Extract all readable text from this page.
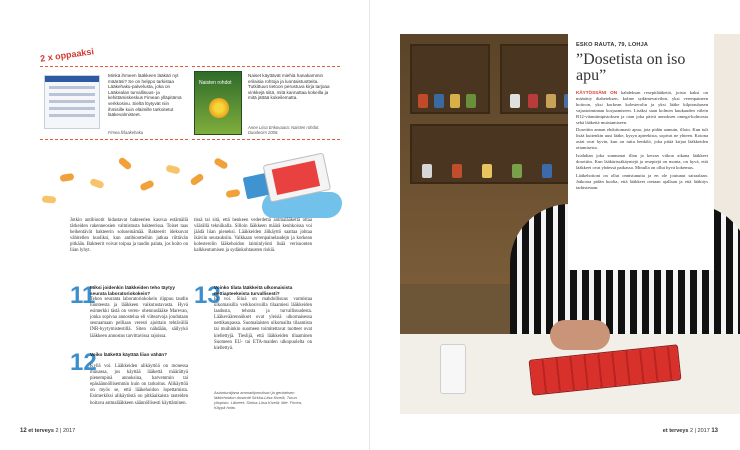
2 x oppaaksi
Minkä ihmeen lääkkeen lääkäri nyt määräsi? Se on helppo tarkistaa Lääkehaku-palvelusta, joka on Lääkealan turvallisuus- ja kehittämiskeskus Fimean ylläpitämä verkkosivu. Sieltä löytyvät niin ihmisille kuin eläimille tarkoitetut lääkevalmisteet.
Fimea.fi/laakehaku
Naisten rohdot
Naiset käyttävät miehiä hanakammin erilaisia rohtoja ja luontaistuotteita. Tutkittuun tietoon perustuva kirja tarjoaa vinkkejä siitä, mitä kannattaa kokeilla ja mitä jättää kokeilematta.
Anne Liisa Enkovaara: Naisten rohdot. Duodecim 2008.

Jotkin antibiootit hidastavat bakteerien kasvua estämällä tärkeiden rakenneosien valmistusta bakteerissa. Toiset taas heikentävät bakteerin soluseinämää. Bakteerit ideksuvat vähitellen kuoliksi, kun antibiootteihin jatkua riittävän pitkään. Bakteerit voivat toipua ja taudin palata, jos hoito on liian lyhyt.

tissä tai sitä, että henkeen vederdettä antmalääkettä ottaa väärällä tekniikalla. Silloin lääkkeen määrä keuhkoissa voi jäädä liian pieneksi. Lääkkeiden älikäyttö saattaa johtaa ikäviin seurauksiin. Valkkaan verenpainelaudejn ja korkean kolesterolin lääkehoidon laiminlyönti lisää verisuonten kalkkeutumisen ja sydänkohtausten riskiä.

11
Miksi joidenkin lääkkeiden teho täytyy seurata laboratoriokokein?
Tehon seuranta laboratoriokokein riippuu taudin luonteesta ja lääkkeen vaikutustavasta. Hyvä esimerkki tästä on veren- ohennuslääke Marevan, jonka sopivaa annostelua eli viitearvoja joudutaan seuraamaan pelliaan veresti ajoittain tehtävällä INR-hyytymistestillä. Siten nähdään, säilyykö lääkkeen annostus tarvittavissa rajoissa.
12
Voiko lääkettä käyttää liian vähän?
Kyllä voi. Lääkkeiden alikäyttöä on monessa muuassa, jos käyttää lääkettä määrättyä pienempinä annoksina, harvemmin tai epäsäännöllisemmin kuin on tarkoitus. Alikäyttöä on myös se, että lääkehoidon lopettamista. Esimerkiksi alikäytöstä on pitkäaikaista rasteiden hoitava astmalääkkeen säännöllisesti käyttäminen.
13
Voinko tilata lääkkeitä ulkomaisista nettiapteekeista turvallisesti?
Et voi. Siinä on mahdollisuus varmistaa ulkomaisilla verkkosivuilla tilaamiesi lääkkeiden laadusta, tehosta ja turvallisuudesta. Lääkeväärennökset ovat yleisiä ulkomaisessa nettikaupassa. Suomalaisten ulkomailta tilaamista tai muihinkin suomeen toimitettavat tuotteet ovat kiellettyjä. Tieslijä, että lääkkeiden tilaaminen Suomeen EU- tai ETA-maiden ulkopuolelta on kiellettyä.
Asiantuntijana ammattiproviisori ja geriatrisen lääkehoidon dosentti Sirkka-Liisa Kivelä, Turun yliopisto. Lähteet: Sirkka-Liisa Kivelä: Mie. Fimea, Käypä hoito.
12 et terveys 2 | 2017	et terveys 2 | 2017 13
ESKO RAUTA, 79, LOHJA
”Dosetista on iso apu”

KÄYTÖSSÄNI ON kahdeksan reseptilääkettä, joista kaksi on määrätty diabeteksen, kolme sydämevaivihin, yksi verenpaineen hoitoon, yksi korkean kolesterolin ja yksi lääke kilpirauhasen vajaatoiminnan korjaamiseen. Lisäksi saan kolmen kuukauden välein B12-vitamiinipistoksen ja otan joka päivä annoksen omega-kolmosta sekä lääkettä muistamiseen.

Dosettiin annan ehdottomasti apua, jota pidän aamuin, illoin. Kun tuli lisää kuitenkin uusi lääke, kysyn apteekista, sopivat ne yhteen. Kotona asiat ovat hyvin, kun on tuttu henkilö, joka pitää kirjaa lääkkeiden ottamisesta.

Isiahdian joka sunnuntai illan ja kerran viikon aikana lääkkeet dosettiin. Kun lääkärissäkäyntejä ja reseptejä on monta, on hyvä, että lääkkeet ovat yhdessä paikassa. Minulla on ollut hyvä kokemus.

Lääkehoitoni on ollut onnistunutta ja en ole joutunut sairaalaan. Jatkossa pidän huolta, että lääkkeet otetaan ajallaan ja että lääkitys tarkistetaan.
